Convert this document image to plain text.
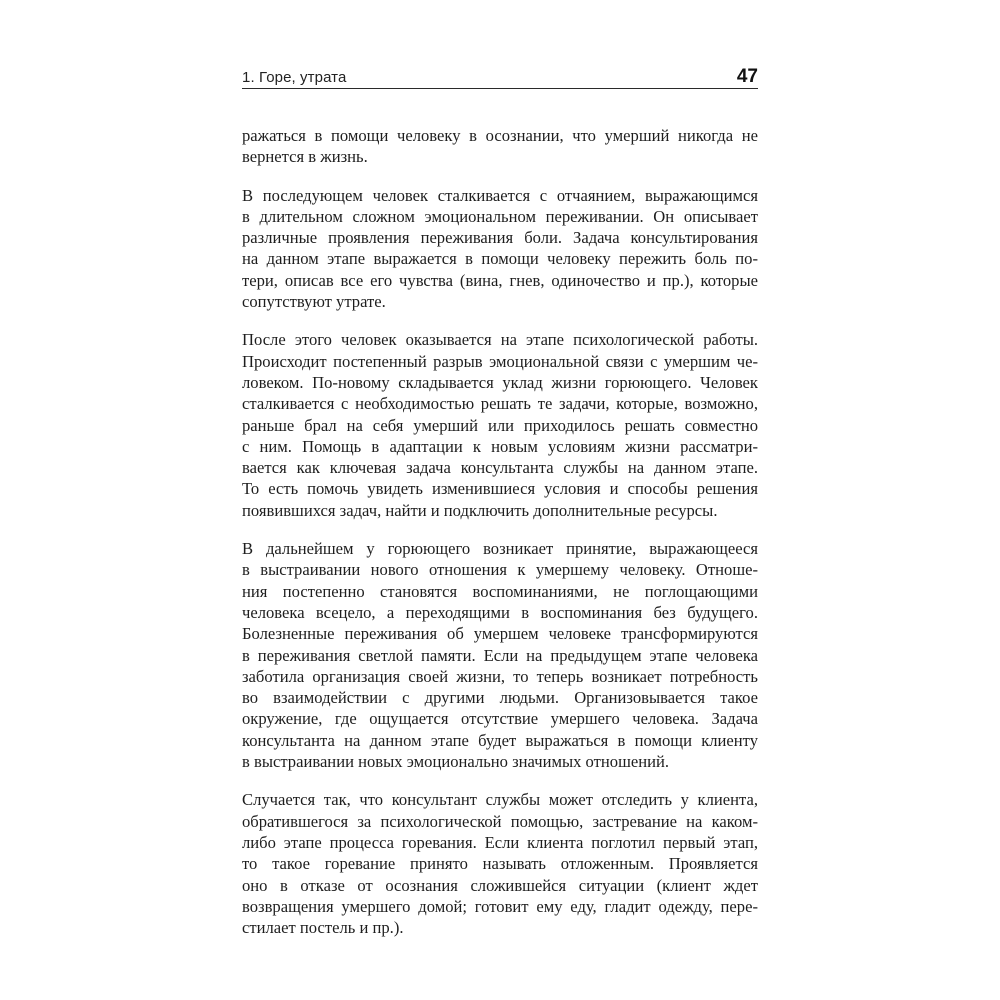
1. Горе, утрата	47

ражаться в помощи человеку в осознании, что умерший никогда не
вернется в жизнь.

В последующем человек сталкивается с отчаянием, выражающимся
в длительном сложном эмоциональном переживании. Он описывает
различные проявления переживания боли. Задача консультирования
на данном этапе выражается в помощи человеку пережить боль по-
тери, описав все его чувства (вина, гнев, одиночество и пр.), которые
сопутствуют утрате.

После этого человек оказывается на этапе психологической работы.
Происходит постепенный разрыв эмоциональной связи с умершим че-
ловеком. По-новому складывается уклад жизни горюющего. Человек
сталкивается с необходимостью решать те задачи, которые, возможно,
раньше брал на себя умерший или приходилось решать совместно
с ним. Помощь в адаптации к новым условиям жизни рассматри-
вается как ключевая задача консультанта службы на данном этапе.
То есть помочь увидеть изменившиеся условия и способы решения
появившихся задач, найти и подключить дополнительные ресурсы.

В дальнейшем у горюющего возникает принятие, выражающееся
в выстраивании нового отношения к умершему человеку. Отноше-
ния постепенно становятся воспоминаниями, не поглощающими
человека всецело, а переходящими в воспоминания без будущего.
Болезненные переживания об умершем человеке трансформируются
в переживания светлой памяти. Если на предыдущем этапе человека
заботила организация своей жизни, то теперь возникает потребность
во взаимодействии с другими людьми. Организовывается такое
окружение, где ощущается отсутствие умершего человека. Задача
консультанта на данном этапе будет выражаться в помощи клиенту
в выстраивании новых эмоционально значимых отношений.

Случается так, что консультант службы может отследить у клиента,
обратившегося за психологической помощью, застревание на каком-
либо этапе процесса горевания. Если клиента поглотил первый этап,
то такое горевание принято называть отложенным. Проявляется
оно в отказе от осознания сложившейся ситуации (клиент ждет
возвращения умершего домой; готовит ему еду, гладит одежду, пере-
стилает постель и пр.).
